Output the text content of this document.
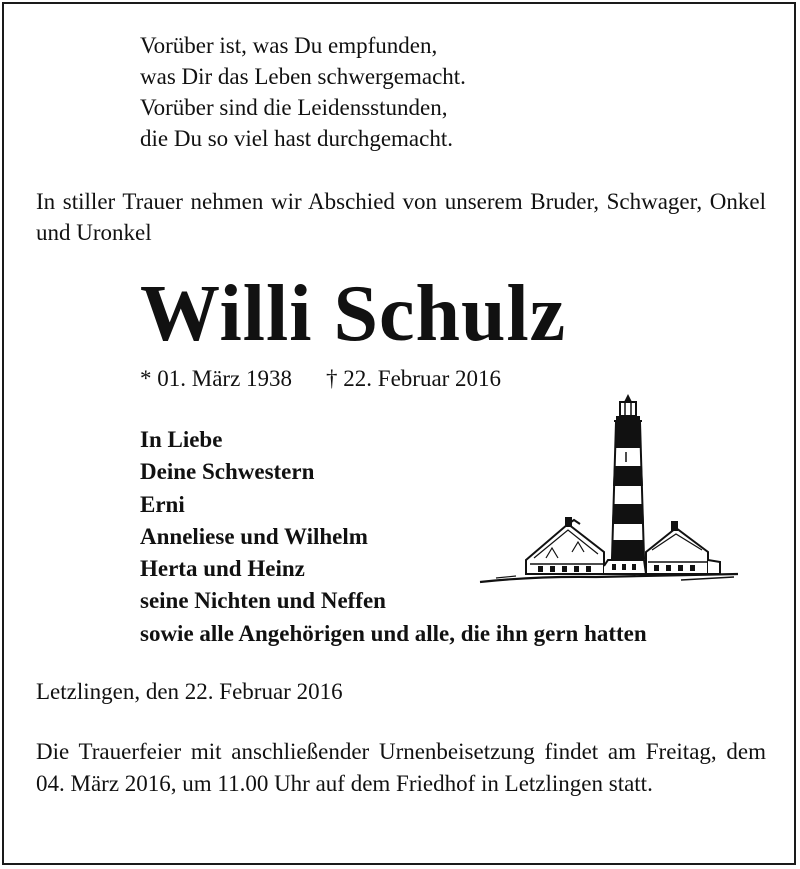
Vorüber ist, was Du empfunden,
was Dir das Leben schwergemacht.
Vorüber sind die Leidensstunden,
die Du so viel hast durchgemacht.
In stiller Trauer nehmen wir Abschied von unserem Bruder, Schwager, Onkel und Uronkel
Willi Schulz
* 01. März 1938 † 22. Februar 2016
In Liebe
Deine Schwestern
Erni
Anneliese und Wilhelm
Herta und Heinz
seine Nichten und Neffen
sowie alle Angehörigen und alle, die ihn gern hatten
Letzlingen, den 22. Februar 2016
Die Trauerfeier mit anschließender Urnenbeisetzung findet am Freitag, dem 04. März 2016, um 11.00 Uhr auf dem Friedhof in Letzlingen statt.
